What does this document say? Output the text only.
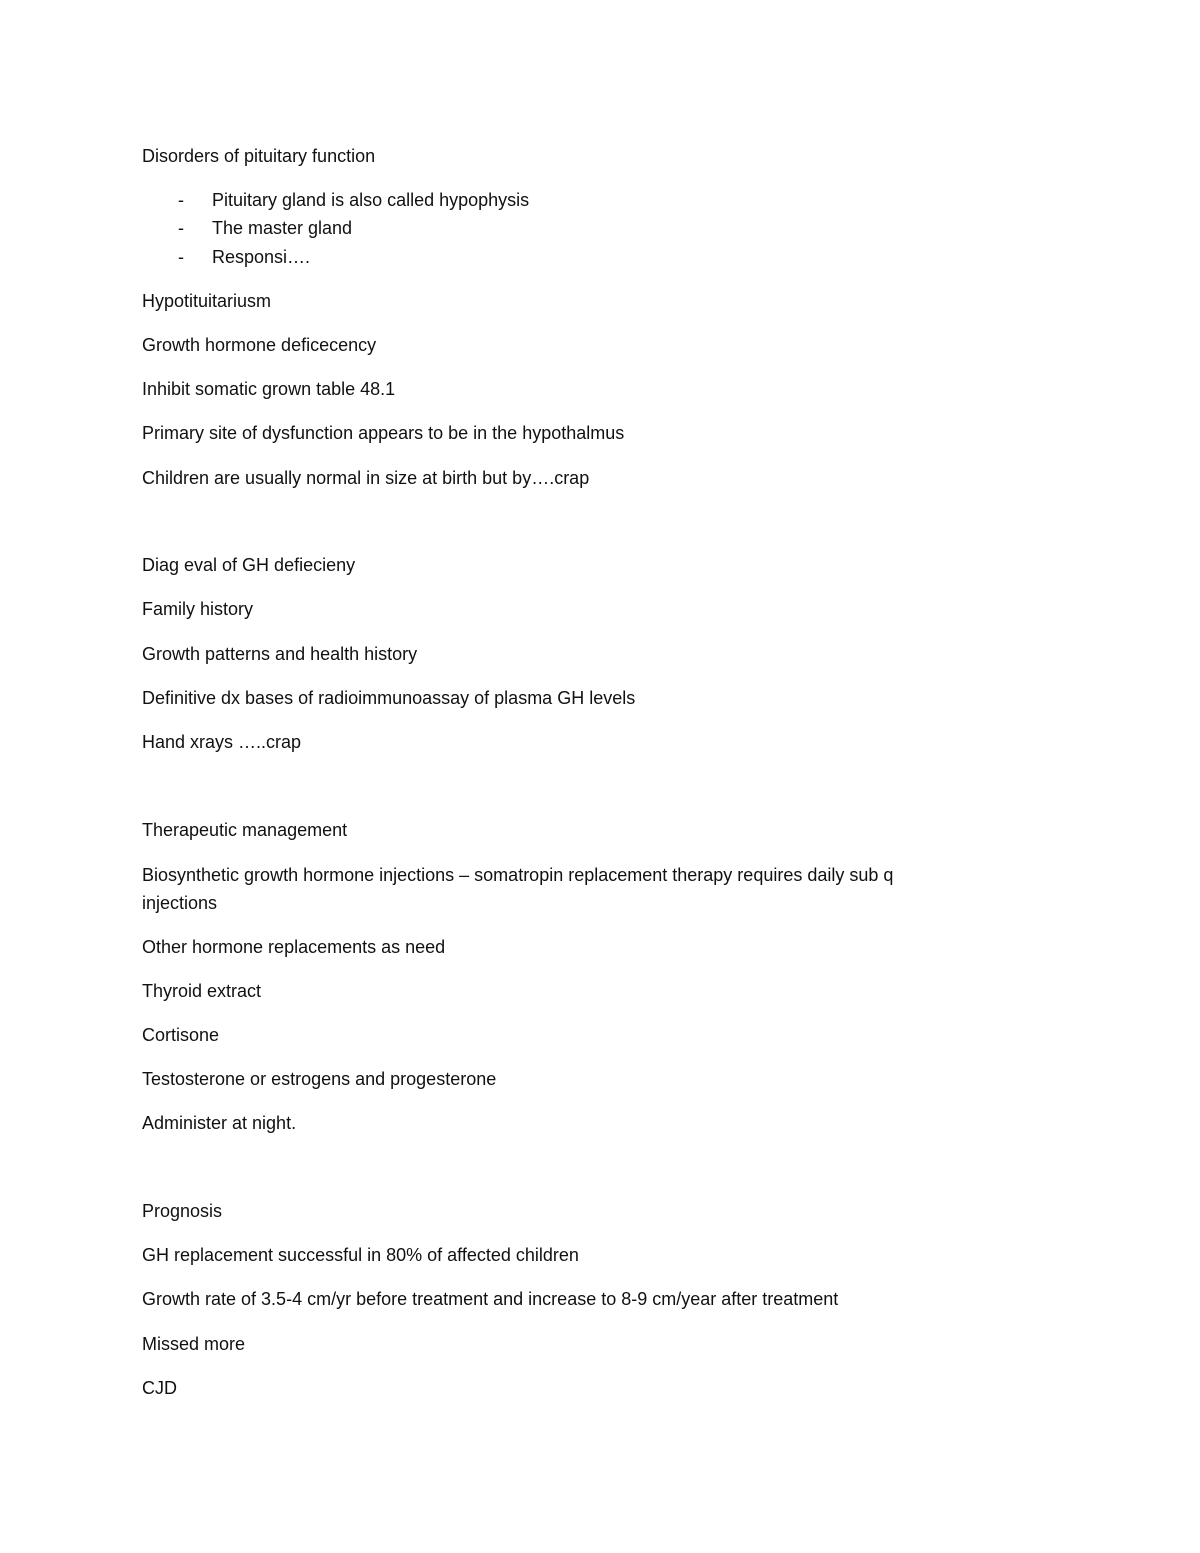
Disorders of pituitary function
- Pituitary gland is also called hypophysis
- The master gland
- Responsi….
Hypotituitariusm
Growth hormone deficecency
Inhibit somatic grown table 48.1
Primary site of dysfunction appears to be in the hypothalmus
Children are usually normal in size at birth but by….crap
Diag eval of GH defiecieny
Family history
Growth patterns and health history
Definitive dx bases of radioimmunoassay of plasma GH levels
Hand xrays …..crap
Therapeutic management
Biosynthetic growth hormone injections – somatropin replacement therapy requires daily sub q
injections
Other hormone replacements as need
Thyroid extract
Cortisone
Testosterone or estrogens and progesterone
Administer at night.
Prognosis
GH replacement successful in 80% of affected children
Growth rate of 3.5-4 cm/yr before treatment and increase to 8-9 cm/year after treatment
Missed more
CJD
